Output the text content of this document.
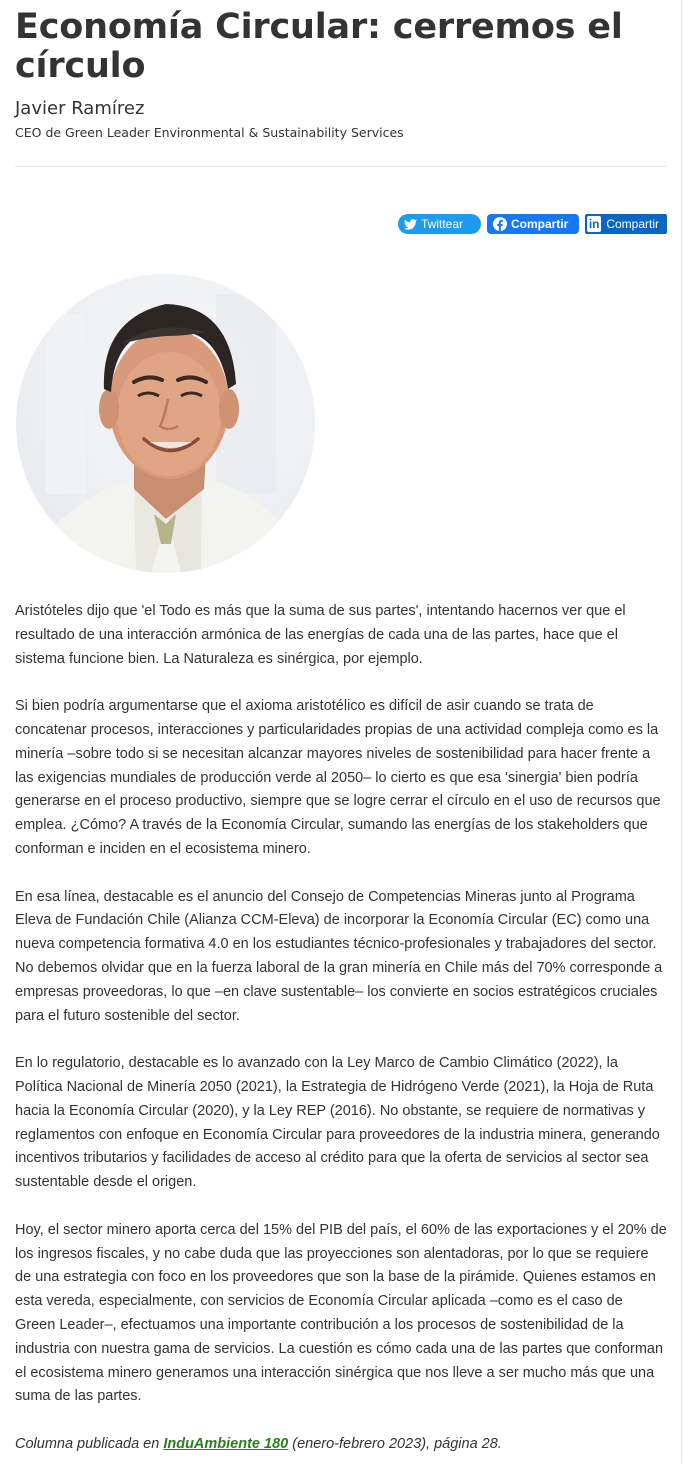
Economía Circular: cerremos el círculo
Javier Ramírez
CEO de Green Leader Environmental & Sustainability Services
Twittear	Compartir in Compartir

Aristóteles dijo que 'el Todo es más que la suma de sus partes', intentando hacernos ver que el resultado de una interacción armónica de las energías de cada una de las partes, hace que el sistema funcione bien. La Naturaleza es sinérgica, por ejemplo.

Si bien podría argumentarse que el axioma aristotélico es difícil de asir cuando se trata de concatenar procesos, interacciones y particularidades propias de una actividad compleja como es la minería –sobre todo si se necesitan alcanzar mayores niveles de sostenibilidad para hacer frente a las exigencias mundiales de producción verde al 2050– lo cierto es que esa 'sinergia' bien podría generarse en el proceso productivo, siempre que se logre cerrar el círculo en el uso de recursos que emplea. ¿Cómo? A través de la Economía Circular, sumando las energías de los stakeholders que conforman e inciden en el ecosistema minero.

En esa línea, destacable es el anuncio del Consejo de Competencias Mineras junto al Programa Eleva de Fundación Chile (Alianza CCM-Eleva) de incorporar la Economía Circular (EC) como una nueva competencia formativa 4.0 en los estudiantes técnico-profesionales y trabajadores del sector. No debemos olvidar que en la fuerza laboral de la gran minería en Chile más del 70% corresponde a empresas proveedoras, lo que –en clave sustentable– los convierte en socios estratégicos cruciales para el futuro sostenible del sector.

En lo regulatorio, destacable es lo avanzado con la Ley Marco de Cambio Climático (2022), la Política Nacional de Minería 2050 (2021), la Estrategia de Hidrógeno Verde (2021), la Hoja de Ruta hacia la Economía Circular (2020), y la Ley REP (2016). No obstante, se requiere de normativas y reglamentos con enfoque en Economía Circular para proveedores de la industria minera, generando incentivos tributarios y facilidades de acceso al crédito para que la oferta de servicios al sector sea sustentable desde el origen.

Hoy, el sector minero aporta cerca del 15% del PIB del país, el 60% de las exportaciones y el 20% de los ingresos fiscales, y no cabe duda que las proyecciones son alentadoras, por lo que se requiere de una estrategia con foco en los proveedores que son la base de la pirámide. Quienes estamos en esta vereda, especialmente, con servicios de Economía Circular aplicada –como es el caso de Green Leader–, efectuamos una importante contribución a los procesos de sostenibilidad de la industria con nuestra gama de servicios. La cuestión es cómo cada una de las partes que conforman el ecosistema minero generamos una interacción sinérgica que nos lleve a ser mucho más que una suma de las partes.

Columna publicada en InduAmbiente 180 (enero-febrero 2023), página 28.
